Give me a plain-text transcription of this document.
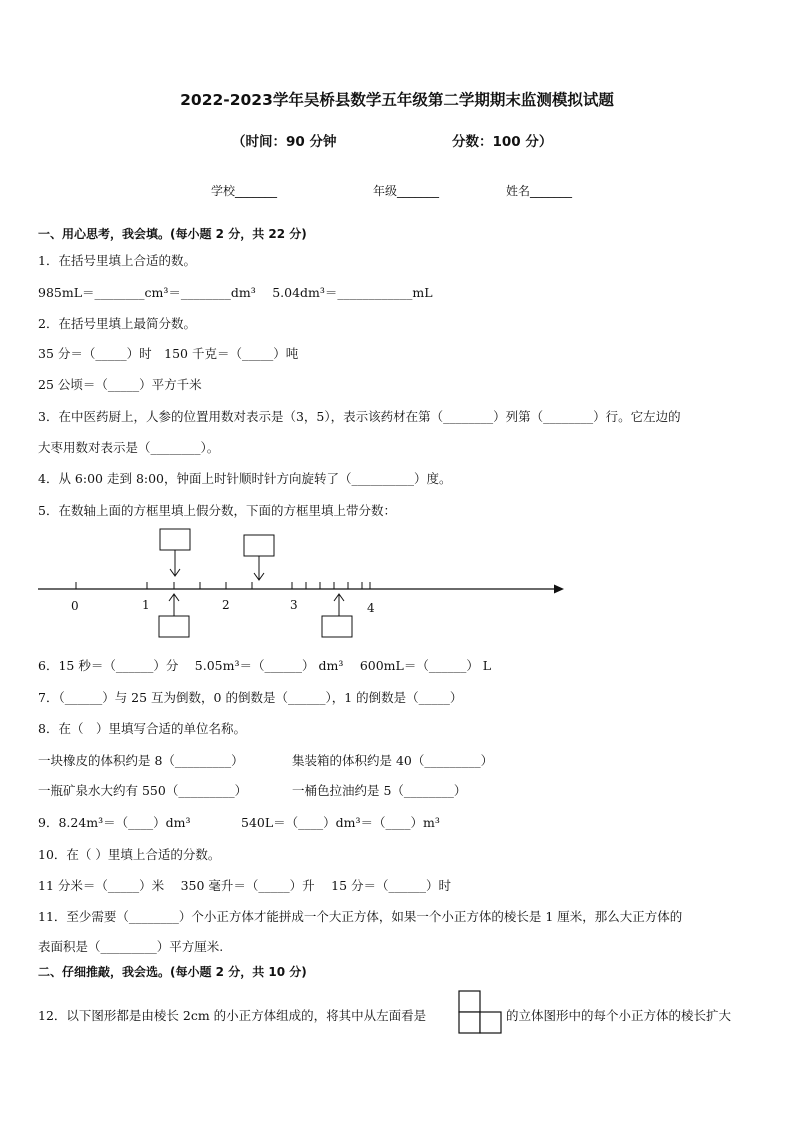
2022-2023学年吴桥县数学五年级第二学期期末监测模拟试题
（时间：90 分钟	分数：100 分）
学校_______	年级_______	姓名_______
一、用心思考，我会填。(每小题 2 分，共 22 分)
1．在括号里填上合适的数。
985mL＝________cm³＝________dm³　 5.04dm³＝____________mL
2．在括号里填上最简分数。
35 分＝（_____）时　150 千克＝（_____）吨
25 公顷＝（_____）平方千米
3．在中医药厨上，人参的位置用数对表示是（3，5），表示该药材在第（________）列第（________）行。它左边的
大枣用数对表示是（________）。
4．从 6:00 走到 8:00，钟面上时针顺时针方向旋转了（__________）度。
5．在数轴上面的方框里填上假分数，下面的方框里填上带分数：
0	1	2	3	4
6．15 秒＝（______）分　 5.05m³＝（______） dm³　 600mL＝（______） L
7．（______）与 25 互为倒数，0 的倒数是（______），1 的倒数是（_____）
8．在（　）里填写合适的单位名称。
一块橡皮的体积约是 8（_________）	集装箱的体积约是 40（_________）
一瓶矿泉水大约有 550（_________）	一桶色拉油约是 5（________）
9．8.24m³＝（____）dm³	540L＝（____）dm³＝（____）m³
10．在（ ）里填上合适的分数。
11 分米＝（_____）米　 350 毫升＝（_____）升　 15 分＝（______）时
11．至少需要（________）个小正方体才能拼成一个大正方体，如果一个小正方体的棱长是 1 厘米，那么大正方体的
表面积是（_________）平方厘米.
二、仔细推敲，我会选。(每小题 2 分，共 10 分)
12．以下图形都是由棱长 2cm 的小正方体组成的，将其中从左面看是	的立体图形中的每个小正方体的棱长扩大
